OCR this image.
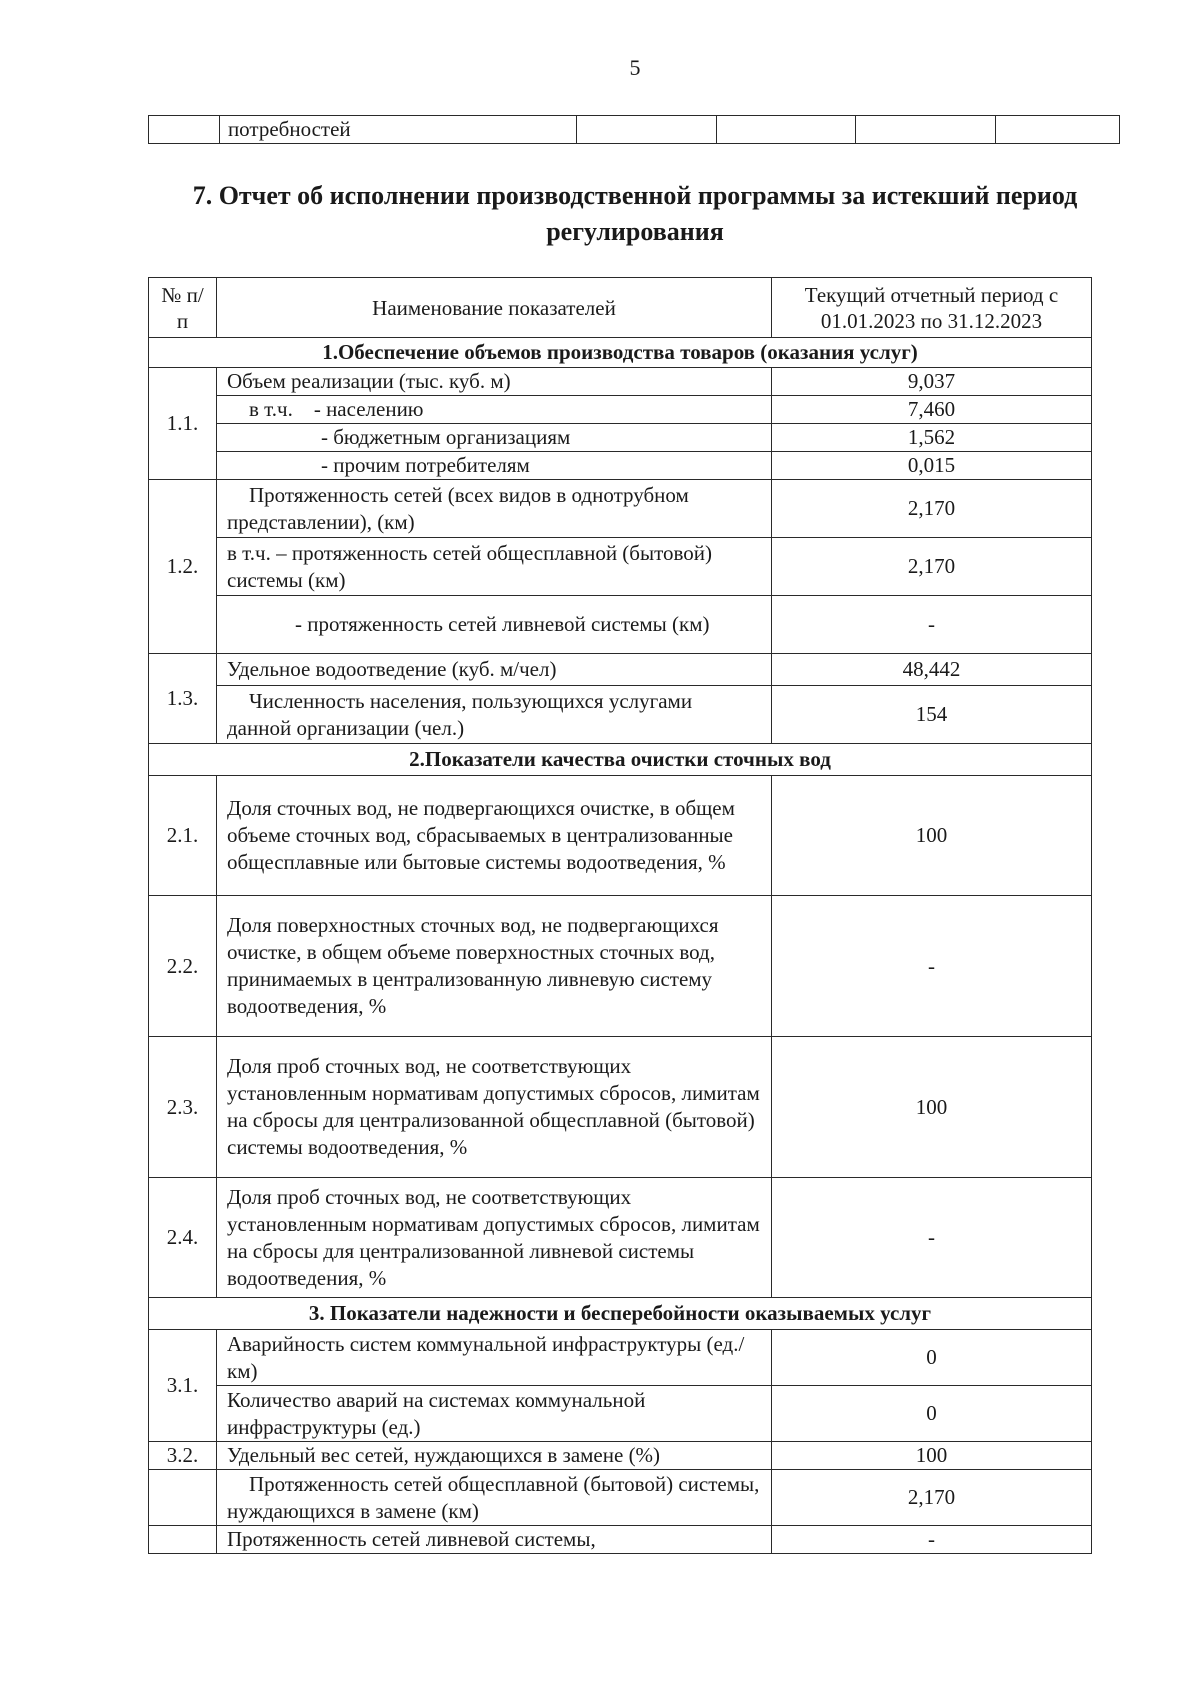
5
	потребностей				
7. Отчет об исполнении производственной программы за истекший период регулирования
№ п/п	Наименование показателей	Текущий отчетный период с 01.01.2023 по 31.12.2023
1.Обеспечение объемов производства товаров (оказания услуг)		
1.1.	Объем реализации (тыс. куб. м)	9,037
	в т.ч.    - населению	7,460
	- бюджетным организациям	1,562
	- прочим потребителям	0,015
1.2.	Протяженность сетей (всех видов в однотрубном представлении), (км)	2,170
	в т.ч. – протяженность сетей общесплавной (бытовой) системы (км)	2,170
	- протяженность сетей ливневой системы (км)	-
1.3.	Удельное водоотведение (куб. м/чел)	48,442
	Численность населения, пользующихся услугами данной организации (чел.)	154
2.Показатели качества очистки сточных вод		
2.1.	Доля сточных вод, не подвергающихся очистке, в общем объеме сточных вод, сбрасываемых в централизованные общесплавные или бытовые системы водоотведения, %	100
2.2.	Доля поверхностных сточных вод, не подвергающихся очистке, в общем объеме поверхностных сточных вод, принимаемых в централизованную ливневую систему водоотведения, %	-
2.3.	Доля проб сточных вод, не соответствующих установленным нормативам допустимых сбросов, лимитам на сбросы для централизованной общесплавной (бытовой) системы водоотведения, %	100
2.4.	Доля проб сточных вод, не соответствующих установленным нормативам допустимых сбросов, лимитам на сбросы для централизованной ливневой системы водоотведения, %	-
3. Показатели надежности и бесперебойности оказываемых услуг		
3.1.	Аварийность систем коммунальной инфраструктуры (ед./км)	0
	Количество аварий на системах коммунальной инфраструктуры (ед.)	0
3.2.	Удельный вес сетей, нуждающихся в замене (%)	100
	Протяженность сетей общесплавной (бытовой) системы, нуждающихся в замене (км)	2,170
	Протяженность сетей ливневой системы,	-
